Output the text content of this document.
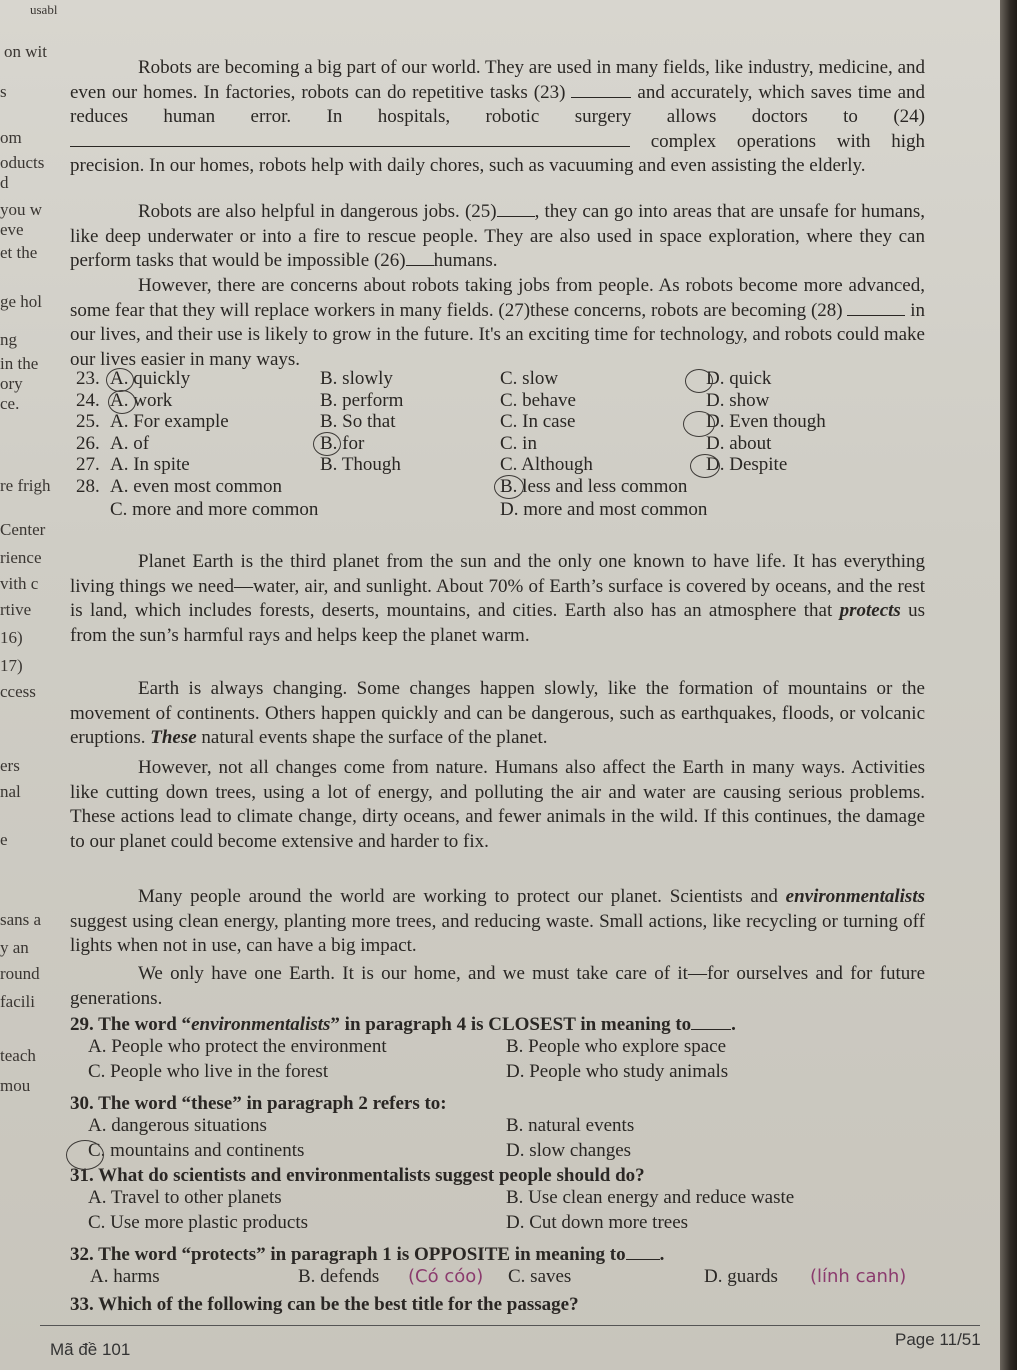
usabl
on wit
s
om
oducts
d
you w
eve
et the
ge hol
ng
in the
ory
ce.
re frigh
Center
rience
vith c
rtive
16)
17)
ccess
ers
nal
e
sans a
y an
round
facili
teach
mou
Robots are becoming a big part of our world. They are used in many fields, like industry, medicine, and even our homes. In factories, robots can do repetitive tasks (23)	and accurately, which saves time and reduces human error. In hospitals, robotic surgery allows doctors to (24)  complex operations with high precision. In our homes, robots help with daily chores, such as vacuuming and even assisting the elderly.
Robots are also helpful in dangerous jobs. (25) , they can go into areas that are unsafe for humans, like deep underwater or into a fire to rescue people. They are also used in space exploration, where they can perform tasks that would be impossible (26) humans.
However, there are concerns about robots taking jobs from people. As robots become more advanced, some fear that they will replace workers in many fields. (27)these concerns, robots are becoming (28)	in our lives, and their use is likely to grow in the future. It's an exciting time for technology, and robots could make our lives easier in many ways.
23. A. quickly	B. slowly	C. slow	D. quick
24. A. work	B. perform	C. behave	D. show
25. A. For example	B. So that	C. In case	D. Even though
26. A. of	B. for	C. in	D. about
27. A. In spite	B. Though	C. Although	D. Despite
28. A. even most common	B. less and less common
C. more and more common	D. more and most common
Planet Earth is the third planet from the sun and the only one known to have life. It has everything living things we need—water, air, and sunlight. About 70% of Earth’s surface is covered by oceans, and the rest is land, which includes forests, deserts, mountains, and cities. Earth also has an atmosphere that protects us from the sun’s harmful rays and helps keep the planet warm.
Earth is always changing. Some changes happen slowly, like the formation of mountains or the movement of continents. Others happen quickly and can be dangerous, such as earthquakes, floods, or volcanic eruptions. These natural events shape the surface of the planet.
However, not all changes come from nature. Humans also affect the Earth in many ways. Activities like cutting down trees, using a lot of energy, and polluting the air and water are causing serious problems. These actions lead to climate change, dirty oceans, and fewer animals in the wild. If this continues, the damage to our planet could become extensive and harder to fix.
Many people around the world are working to protect our planet. Scientists and environmentalists suggest using clean energy, planting more trees, and reducing waste. Small actions, like recycling or turning off lights when not in use, can have a big impact.
We only have one Earth. It is our home, and we must take care of it—for ourselves and for future generations.
29. The word “environmentalists” in paragraph 4 is CLOSEST in meaning to .
A. People who protect the environment	B. People who explore space
C. People who live in the forest	D. People who study animals
30. The word “these” in paragraph 2 refers to:
A. dangerous situations	B. natural events
C. mountains and continents	D. slow changes
31. What do scientists and environmentalists suggest people should do?
A. Travel to other planets	B. Use clean energy and reduce waste
C. Use more plastic products	D. Cut down more trees
32. The word “protects” in paragraph 1 is OPPOSITE in meaning to .
A. harms	B. defends (Có cóo) C. saves	D. guards (lính canh)
33. Which of the following can be the best title for the passage?
Mã đề 101
Page 11/51
